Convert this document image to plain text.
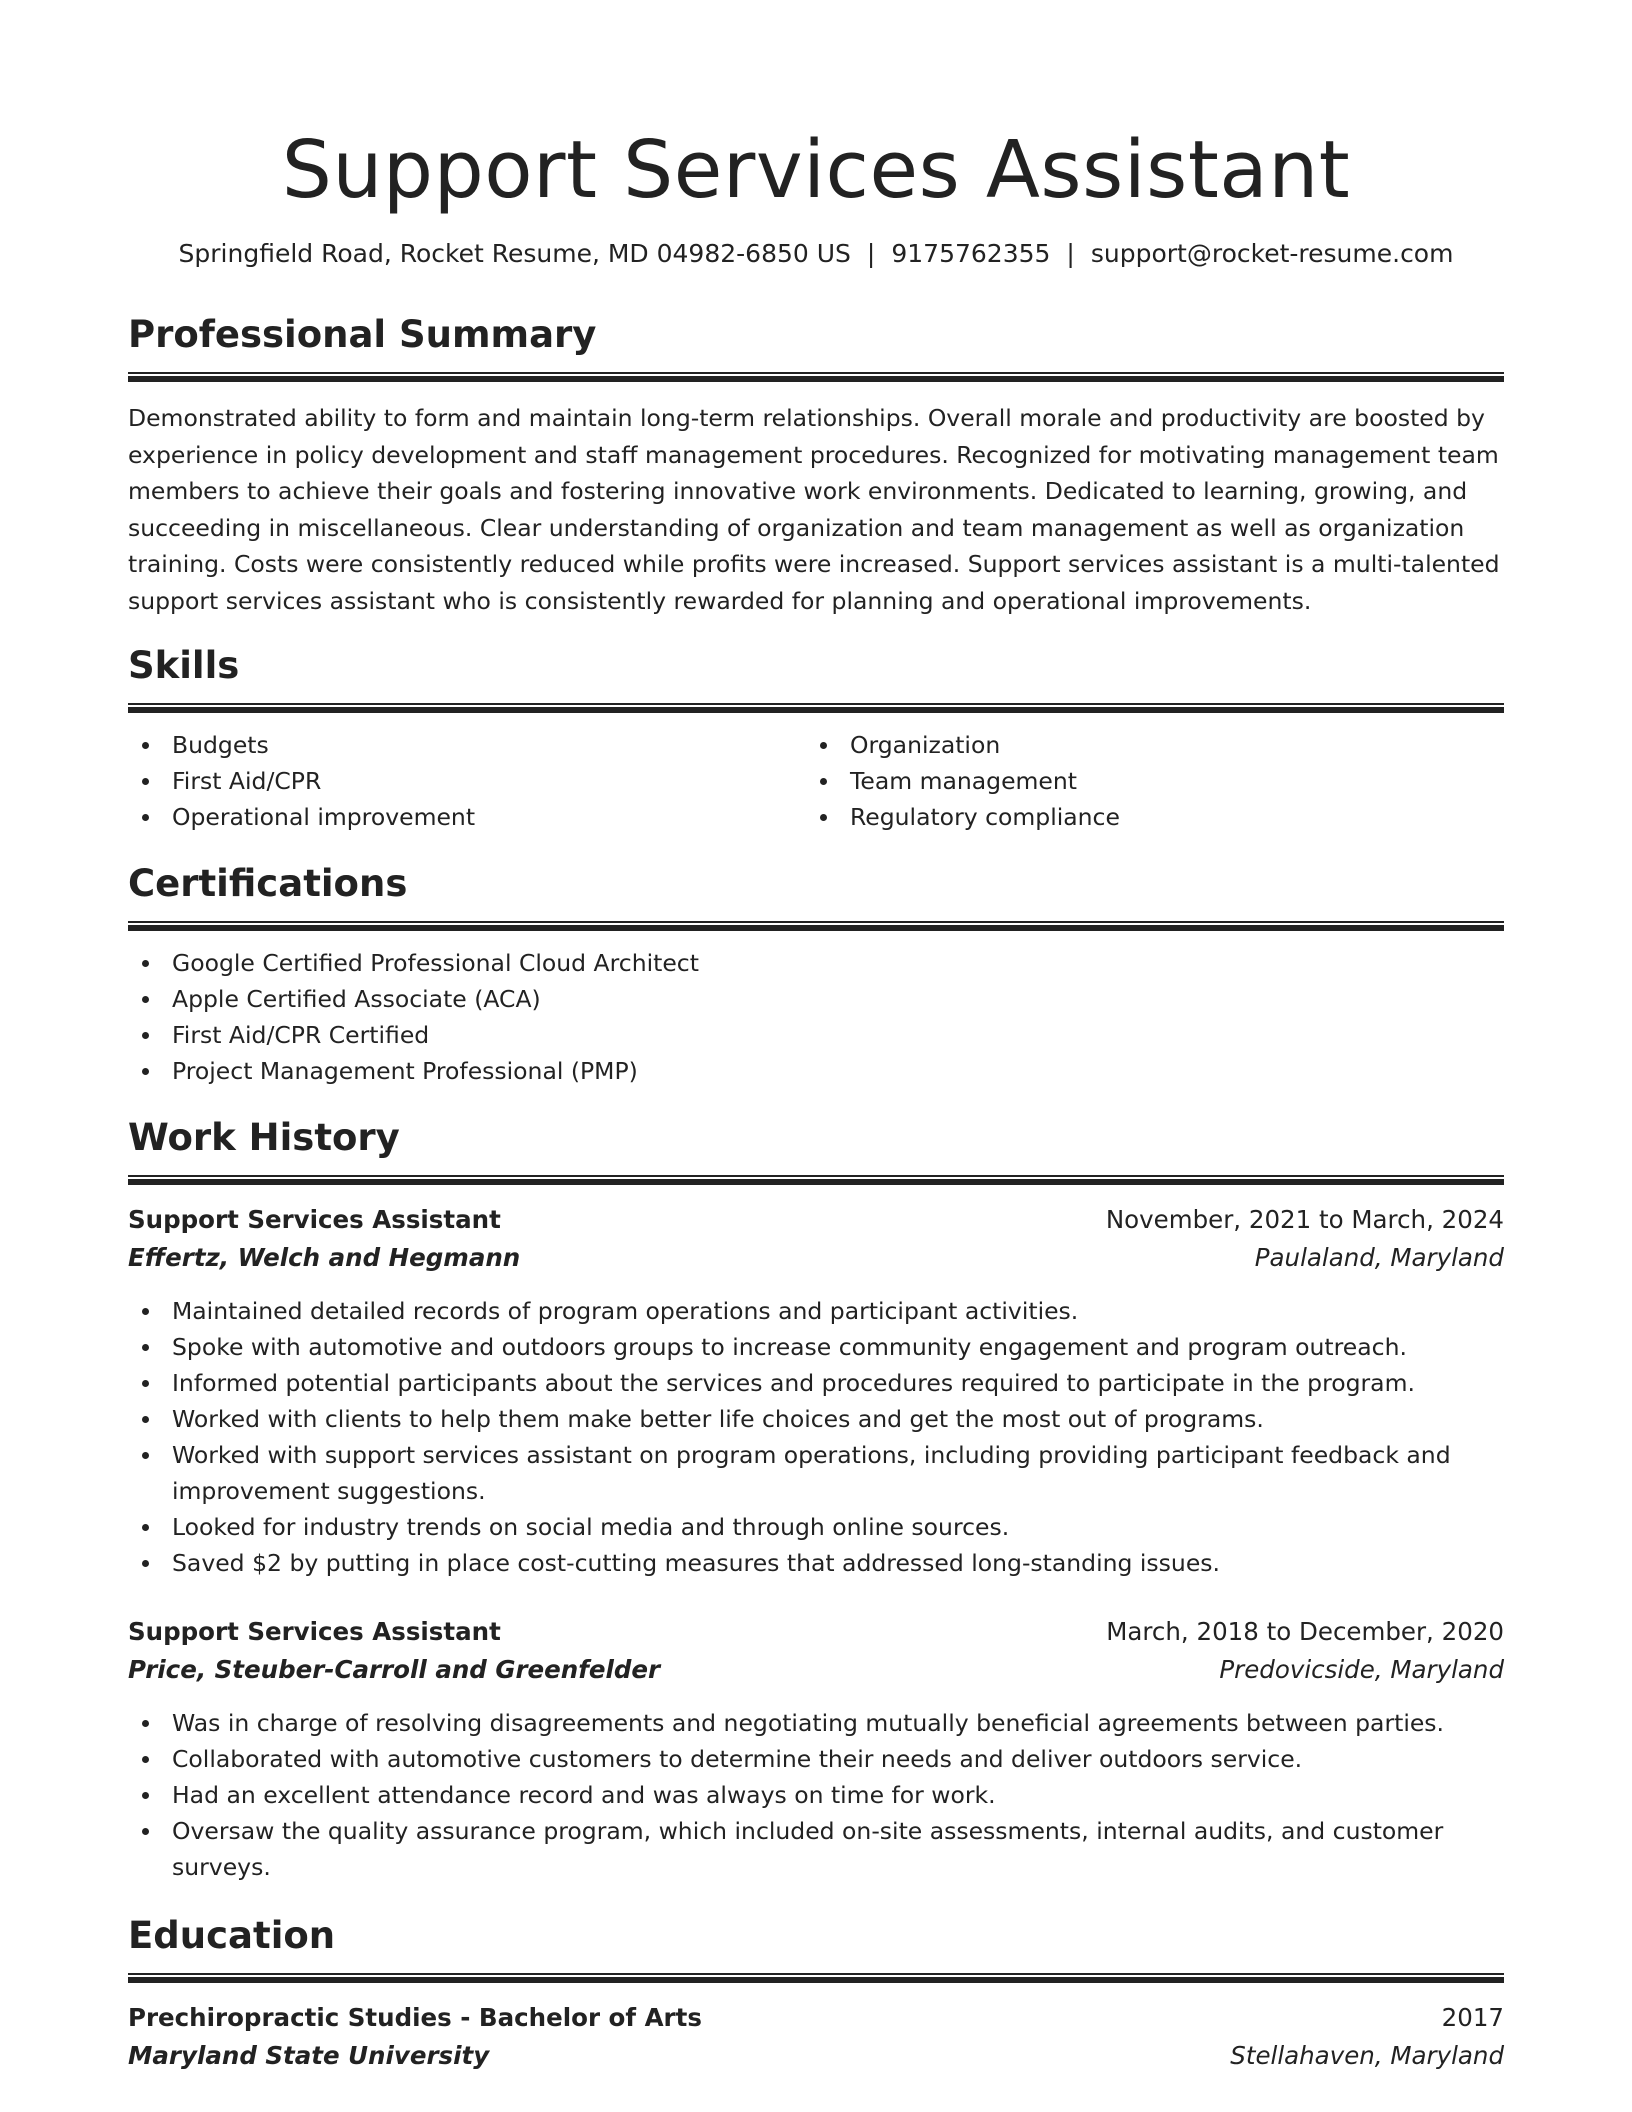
Support Services Assistant
Springfield Road, Rocket Resume, MD 04982-6850 US | 9175762355 | support@rocket-resume.com
Professional Summary

Demonstrated ability to form and maintain long-term relationships. Overall morale and productivity are boosted by experience in policy development and staff management procedures. Recognized for motivating management team members to achieve their goals and fostering innovative work environments. Dedicated to learning, growing, and succeeding in miscellaneous. Clear understanding of organization and team management as well as organization training. Costs were consistently reduced while profits were increased. Support services assistant is a multi-talented support services assistant who is consistently rewarded for planning and operational improvements.

Skills
Budgets
First Aid/CPR
Operational improvement
Organization
Team management
Regulatory compliance
Certifications
Google Certified Professional Cloud Architect
Apple Certified Associate (ACA)
First Aid/CPR Certified
Project Management Professional (PMP)
Work History
Support Services Assistant	November, 2021 to March, 2024
Effertz, Welch and Hegmann	Paulaland, Maryland
Maintained detailed records of program operations and participant activities.
Spoke with automotive and outdoors groups to increase community engagement and program outreach.
Informed potential participants about the services and procedures required to participate in the program.
Worked with clients to help them make better life choices and get the most out of programs.
Worked with support services assistant on program operations, including providing participant feedback and improvement suggestions.
Looked for industry trends on social media and through online sources.
Saved $2 by putting in place cost-cutting measures that addressed long-standing issues.
Support Services Assistant	March, 2018 to December, 2020
Price, Steuber-Carroll and Greenfelder	Predovicside, Maryland
Was in charge of resolving disagreements and negotiating mutually beneficial agreements between parties.
Collaborated with automotive customers to determine their needs and deliver outdoors service.
Had an excellent attendance record and was always on time for work.
Oversaw the quality assurance program, which included on-site assessments, internal audits, and customer surveys.
Education
Prechiropractic Studies - Bachelor of Arts	2017
Maryland State University	Stellahaven, Maryland
